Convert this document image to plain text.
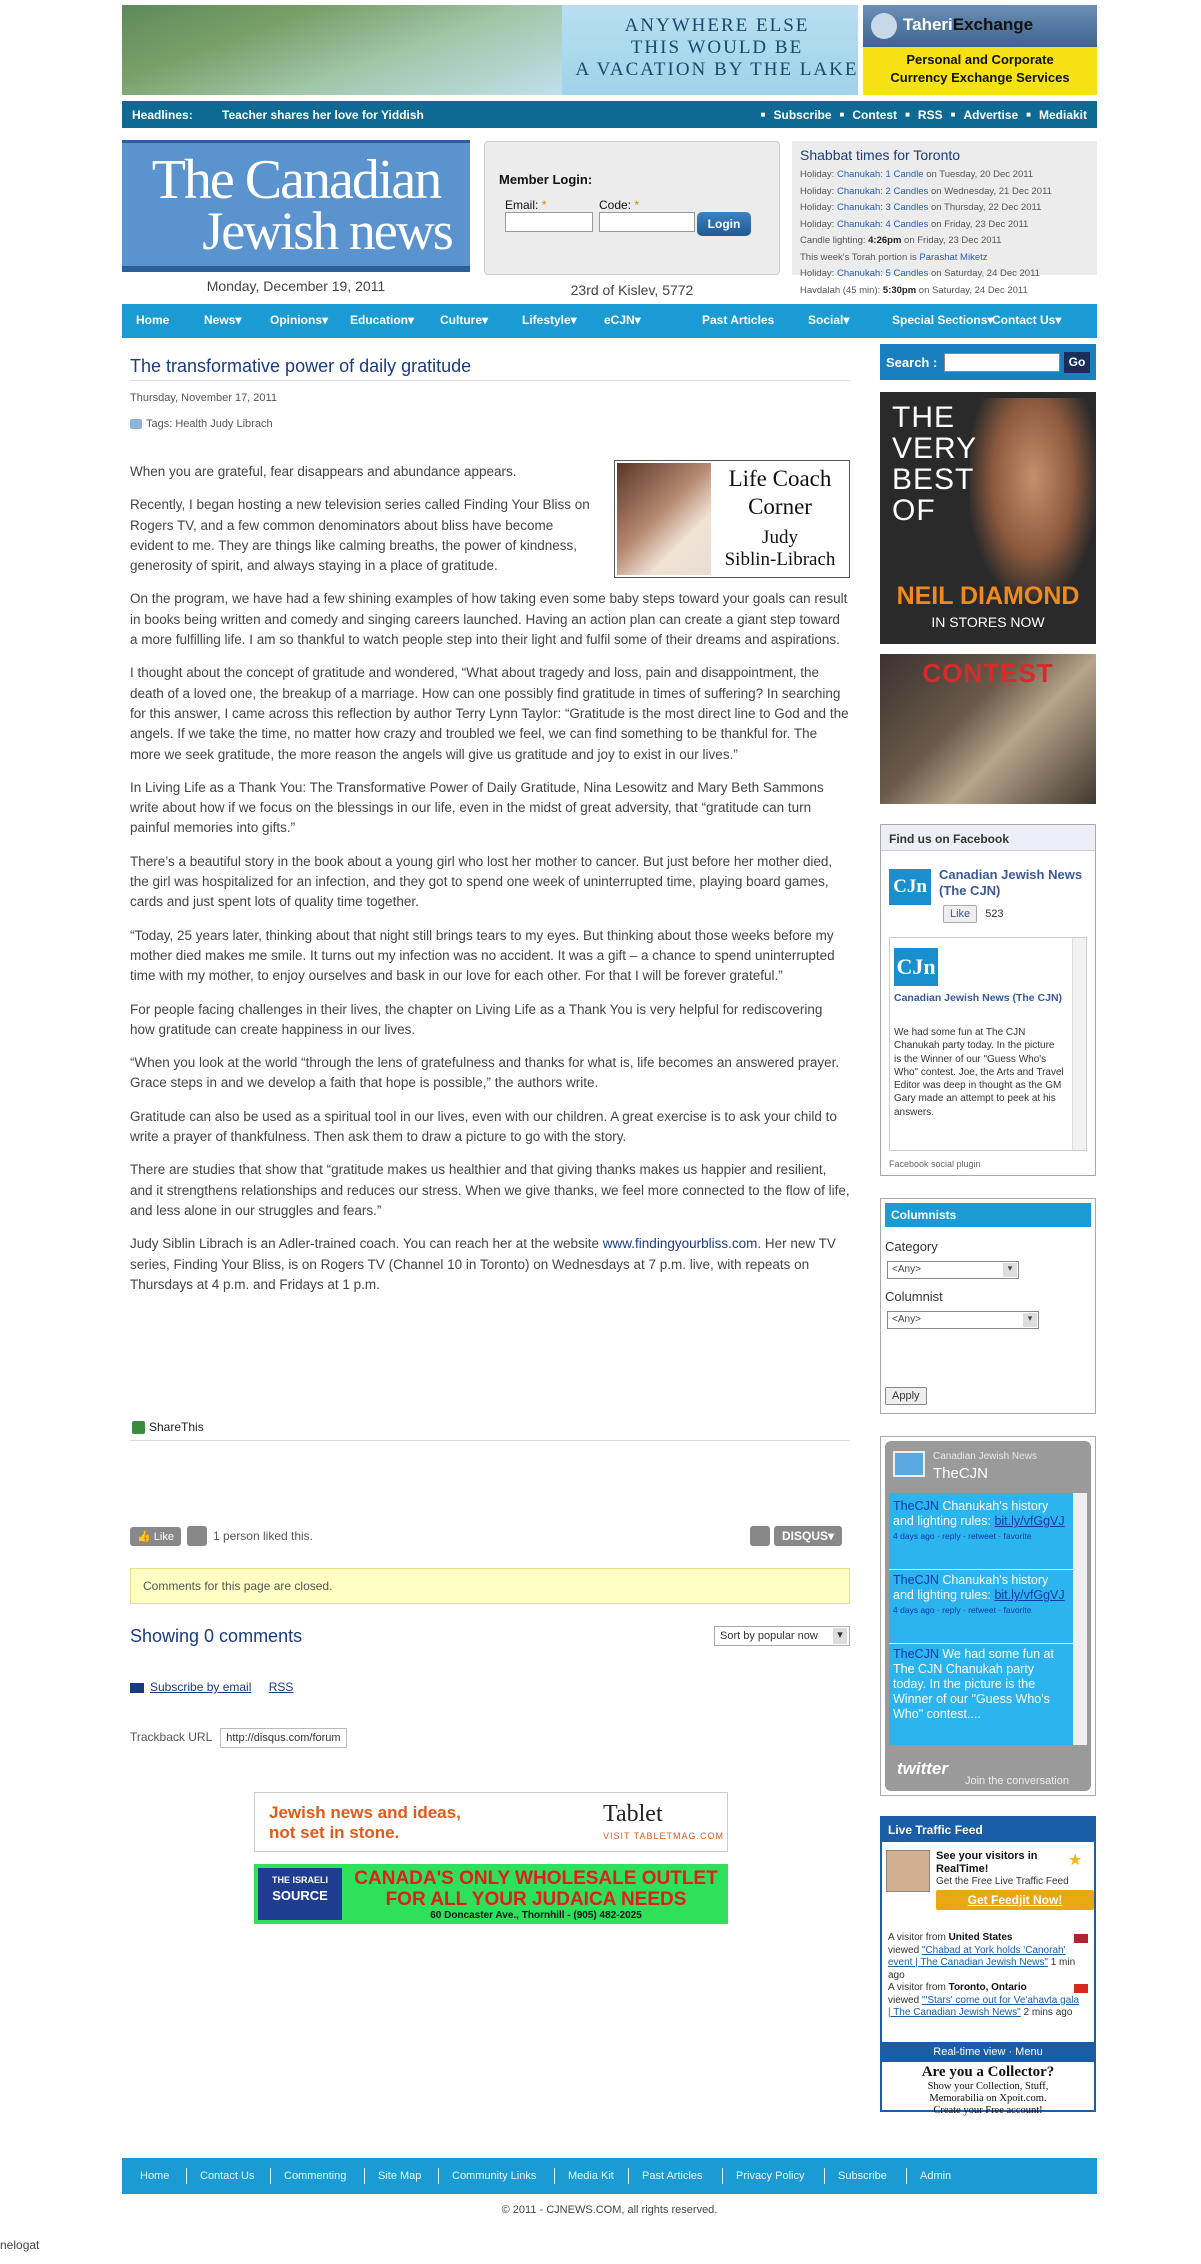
ANYWHERE ELSE
THIS WOULD BE
A VACATION BY THE LAKE
TaheriExchange
Personal and Corporate
Currency Exchange Services
Headlines: Teacher shares her love for Yiddish	■ Subscribe	■ Contest	■ RSS	■ Advertise	■ Mediakit
The Canadian
Jewish news
Monday, December 19, 2011
Member Login:
Email: *	Code: *
Login
23rd of Kislev, 5772
Shabbat times for Toronto
Holiday: Chanukah: 1 Candle on Tuesday, 20 Dec 2011
Holiday: Chanukah: 2 Candles on Wednesday, 21 Dec 2011
Holiday: Chanukah: 3 Candles on Thursday, 22 Dec 2011
Holiday: Chanukah: 4 Candles on Friday, 23 Dec 2011
Candle lighting: 4:26pm on Friday, 23 Dec 2011
This week's Torah portion is Parashat Miketz
Holiday: Chanukah: 5 Candles on Saturday, 24 Dec 2011
Havdalah (45 min): 5:30pm on Saturday, 24 Dec 2011
Home	News▾ Opinions▾ Education▾ Culture▾	Lifestyle▾ eCJN▾	Past Articles	Social▾	Special Sections▾
Contact Us▾
The transformative power of daily gratitude
Thursday, November 17, 2011
Tags: Health Judy Librach

When you are grateful, fear disappears and abundance appears.

Recently, I began hosting a new television series called Finding Your Bliss on Rogers TV, and a few common denominators about bliss have become evident to me. They are things like calming breaths, the power of kindness, generosity of spirit, and always staying in a place of gratitude.

On the program, we have had a few shining examples of how taking even some baby steps toward your goals can result in books being written and comedy and singing careers launched. Having an action plan can create a giant step toward a more fulfilling life. I am so thankful to watch people step into their light and fulfil some of their dreams and aspirations.

I thought about the concept of gratitude and wondered, “What about tragedy and loss, pain and disappointment, the death of a loved one, the breakup of a marriage. How can one possibly find gratitude in times of suffering? In searching for this answer, I came across this reflection by author Terry Lynn Taylor: “Gratitude is the most direct line to God and the angels. If we take the time, no matter how crazy and troubled we feel, we can find something to be thankful for. The more we seek gratitude, the more reason the angels will give us gratitude and joy to exist in our lives.”

In Living Life as a Thank You: The Transformative Power of Daily Gratitude, Nina Lesowitz and Mary Beth Sammons write about how if we focus on the blessings in our life, even in the midst of great adversity, that “gratitude can turn painful memories into gifts.”

There’s a beautiful story in the book about a young girl who lost her mother to cancer. But just before her mother died, the girl was hospitalized for an infection, and they got to spend one week of uninterrupted time, playing board games, cards and just spent lots of quality time together.

“Today, 25 years later, thinking about that night still brings tears to my eyes. But thinking about those weeks before my mother died makes me smile. It turns out my infection was no accident. It was a gift – a chance to spend uninterrupted time with my mother, to enjoy ourselves and bask in our love for each other. For that I will be forever grateful.”

For people facing challenges in their lives, the chapter on Living Life as a Thank You is very helpful for rediscovering how gratitude can create happiness in our lives.

“When you look at the world “through the lens of gratefulness and thanks for what is, life becomes an answered prayer. Grace steps in and we develop a faith that hope is possible,” the authors write.

Gratitude can also be used as a spiritual tool in our lives, even with our children. A great exercise is to ask your child to write a prayer of thankfulness. Then ask them to draw a picture to go with the story.

There are studies that show that “gratitude makes us healthier and that giving thanks makes us happier and resilient, and it strengthens relationships and reduces our stress. When we give thanks, we feel more connected to the flow of life, and less alone in our struggles and fears.”

Judy Siblin Librach is an Adler-trained coach. You can reach her at the website www.findingyourbliss.com. Her new TV series, Finding Your Bliss, is on Rogers TV (Channel 10 in Toronto) on Wednesdays at 7 p.m. live, with repeats on Thursdays at 4 p.m. and Fridays at 1 p.m.

Life Coach
Corner
Judy
Siblin-Librach
ShareThis
👍 Like	1 person liked this.	DISQUS▾
Comments for this page are closed.
Showing 0 comments	Sort by popular now ▾
Subscribe by email RSS
Trackback URL http://disqus.com/forum
Jewish news and ideas,
not set in stone.
Tablet
VISIT TABLETMAG.COM
THE ISRAELI
SOURCE
CANADA'S ONLY WHOLESALE OUTLET
FOR ALL YOUR JUDAICA NEEDS
60 Doncaster Ave., Thornhill - (905) 482-2025
Search :	Go
THE
VERY
BEST
OF
NEIL DIAMOND
IN STORES NOW
CONTEST
Find us on Facebook
CJn
Canadian Jewish News (The CJN)
Like 523
CJn
Canadian Jewish News (The CJN)
We had some fun at The CJN Chanukah party today. In the picture is the Winner of our "Guess Who's Who" contest. Joe, the Arts and Travel Editor was deep in thought as the GM Gary made an attempt to peek at his answers.
Facebook social plugin
Columnists
Category
<Any> ▾
Columnist
<Any> ▾
Apply
Canadian Jewish News
TheCJN
TheCJN Chanukah's history and lighting rules: bit.ly/vfGgVJ
4 days ago · reply · retweet · favorite
TheCJN Chanukah's history and lighting rules: bit.ly/vfGgVJ
4 days ago · reply · retweet · favorite
TheCJN We had some fun at The CJN Chanukah party today. In the picture is the Winner of our "Guess Who's Who" contest....
twitter
Join the conversation
Live Traffic Feed
See your visitors in RealTime!	★
Get the Free Live Traffic Feed
Get Feedjit Now!
A visitor from United States
viewed "Chabad at York holds 'Canorah' event | The Canadian Jewish News" 1 min ago
A visitor from Toronto, Ontario
viewed "'Stars' come out for Ve'ahavta gala | The Canadian Jewish News" 2 mins ago
Real-time view · Menu
Are you a Collector?
Show your Collection, Stuff,
Memorabilia on Xpoit.com.
Create your Free account!
Home	Contact Us	Commenting	Site Map	Community Links	Media Kit	Past Articles	Privacy Policy	Subscribe	Admin
© 2011 - CJNEWS.COM, all rights reserved.
nelogat
